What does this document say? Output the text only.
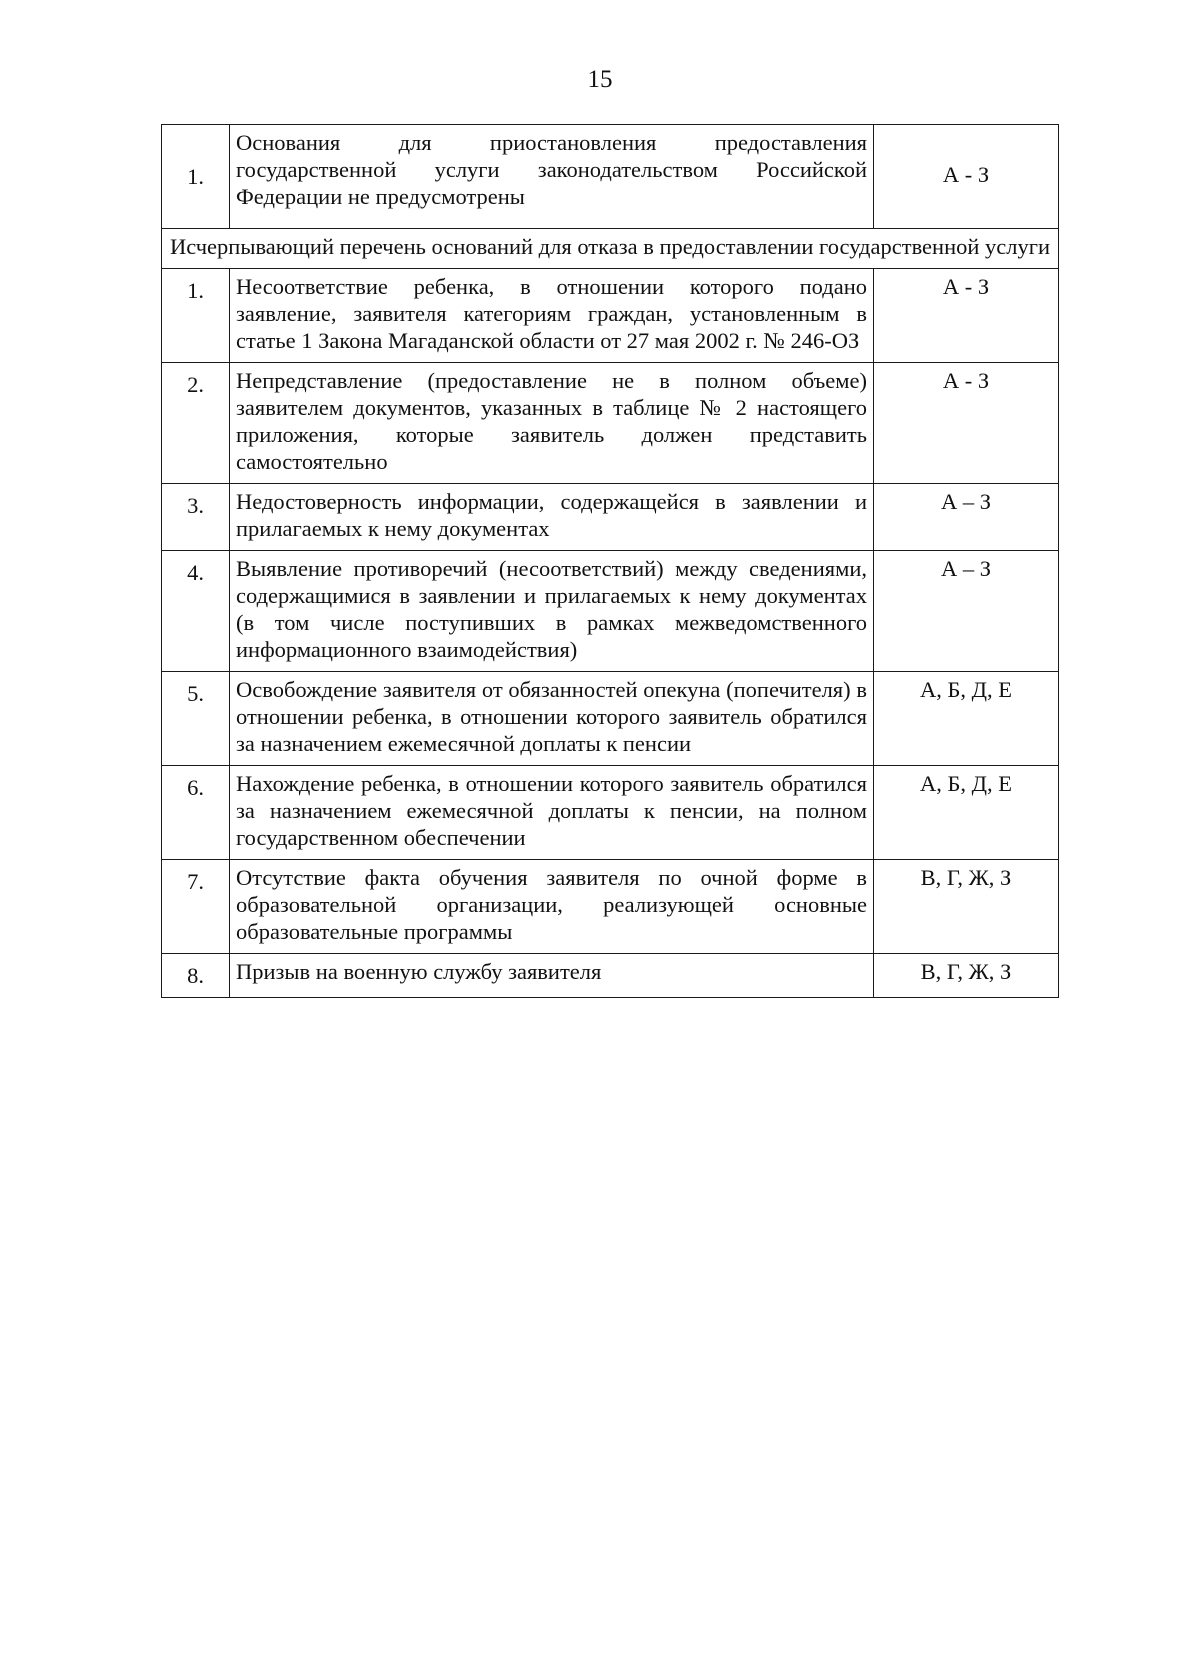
15
1.	Основания для приостановления предоставления государственной услуги законодательством Российской Федерации не предусмотрены	А - З
Исчерпывающий перечень оснований для отказа в предоставлении государственной услуги		
1.	Несоответствие ребенка, в отношении которого подано заявление, заявителя категориям граждан, установленным в статье 1 Закона Магаданской области от 27 мая 2002 г. № 246-ОЗ	А - З
2.	Непредставление (предоставление не в полном объеме) заявителем документов, указанных в таблице № 2 настоящего приложения, которые заявитель должен представить самостоятельно	А - З
3.	Недостоверность информации, содержащейся в заявлении и прилагаемых к нему документах	А – З
4.	Выявление противоречий (несоответствий) между сведениями, содержащимися в заявлении и прилагаемых к нему документах (в том числе поступивших в рамках межведомственного информационного взаимодействия)	А – З
5.	Освобождение заявителя от обязанностей опекуна (попечителя) в отношении ребенка, в отношении которого заявитель обратился за назначением ежемесячной доплаты к пенсии	А, Б, Д, Е
6.	Нахождение ребенка, в отношении которого заявитель обратился за назначением ежемесячной доплаты к пенсии, на полном государственном обеспечении	А, Б, Д, Е
7.	Отсутствие факта обучения заявителя по очной форме в образовательной организации, реализующей основные образовательные программы	В, Г, Ж, З
8.	Призыв на военную службу заявителя	В, Г, Ж, З
